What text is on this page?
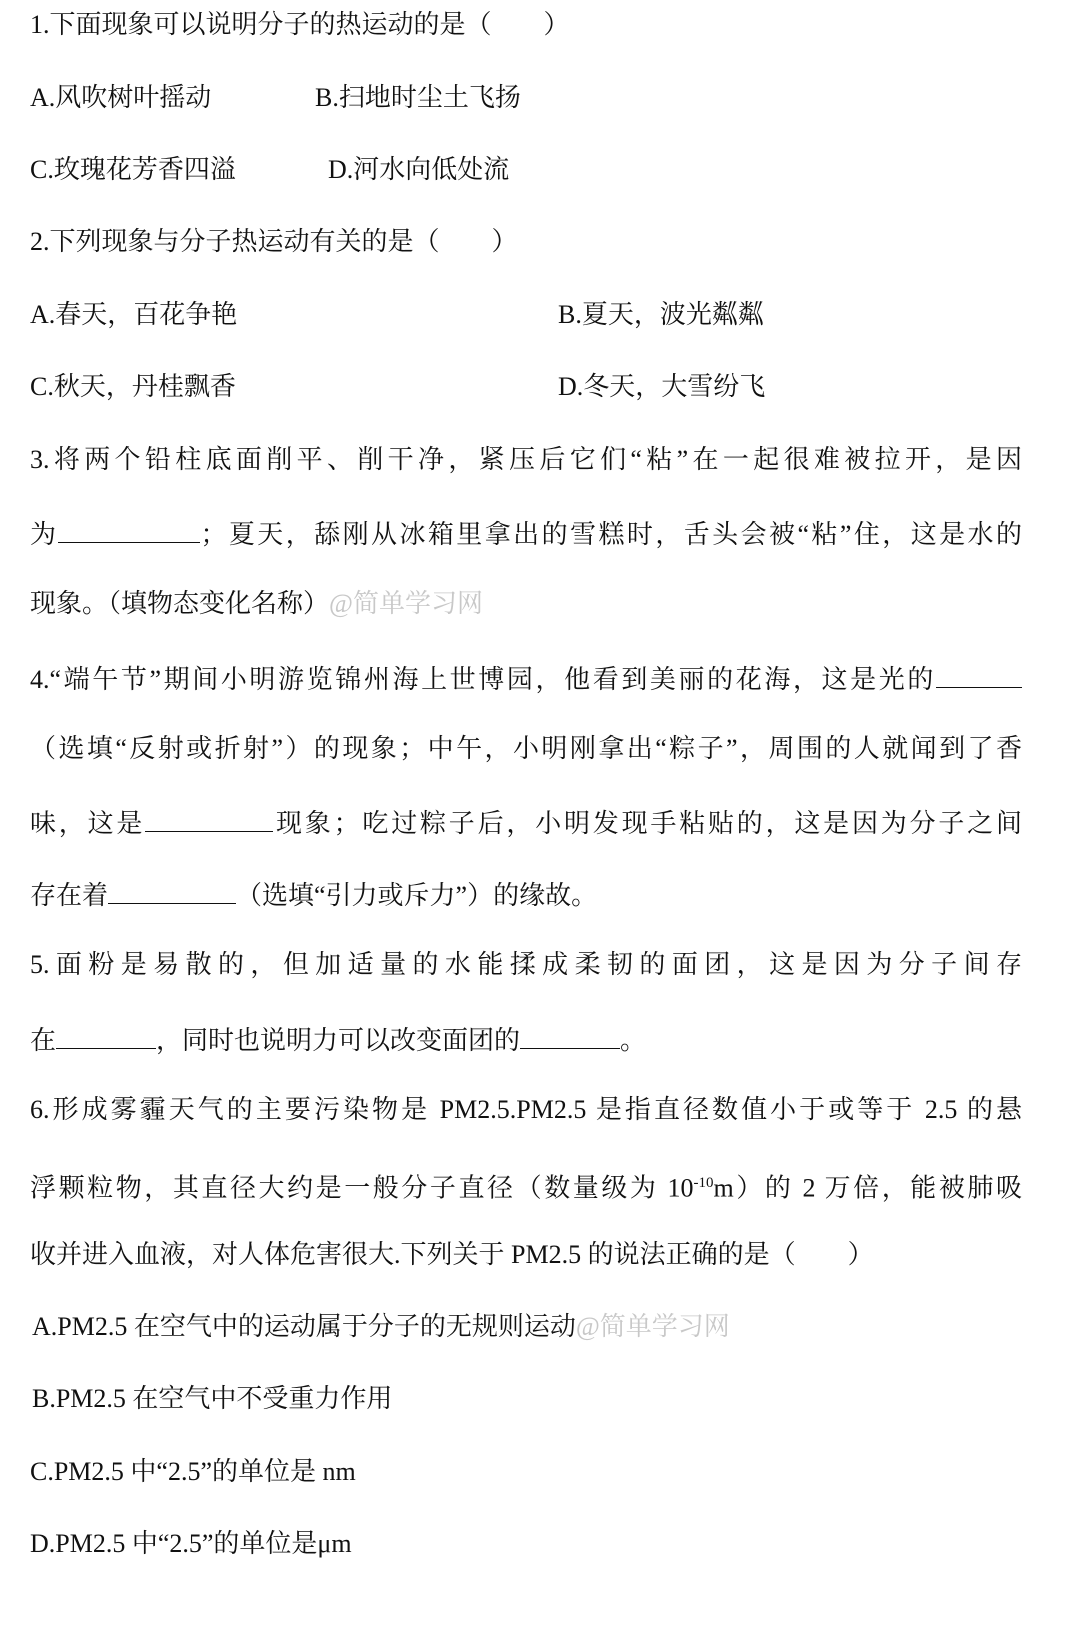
1.下面现象可以说明分子的热运动的是（　　）
A.风吹树叶摇动	B.扫地时尘土飞扬
C.玫瑰花芳香四溢	D.河水向低处流
2.下列现象与分子热运动有关的是（　　）
A.春天，百花争艳	B.夏天，波光粼粼
C.秋天，丹桂飘香	D.冬天，大雪纷飞
3.将两个铅柱底面削平、削干净，紧压后它们“粘”在一起很难被拉开，是因
为	；夏天，舔刚从冰箱里拿出的雪糕时，舌头会被“粘”住，这是水的
现象。（填物态变化名称）@简单学习网
4.“端午节”期间小明游览锦州海上世博园，他看到美丽的花海，这是光的
（选填“反射或折射”）的现象；中午，小明刚拿出“粽子”，周围的人就闻到了香
味，这是	现象；吃过粽子后，小明发现手粘贴的，这是因为分子之间
存在着	（选填“引力或斥力”）的缘故。
5.面粉是易散的，但加适量的水能揉成柔韧的面团，这是因为分子间存
在	，同时也说明力可以改变面团的	。
6.形成雾霾天气的主要污染物是 PM2.5.PM2.5 是指直径数值小于或等于 2.5 的悬
浮颗粒物，其直径大约是一般分子直径（数量级为 $10^{-10}m$）的 2 万倍，能被肺吸
收并进入血液，对人体危害很大.下列关于 PM2.5 的说法正确的是（　　）
A.PM2.5 在空气中的运动属于分子的无规则运动@简单学习网
B.PM2.5 在空气中不受重力作用
C.PM2.5 中“2.5”的单位是 nm
D.PM2.5 中“2.5”的单位是μm
